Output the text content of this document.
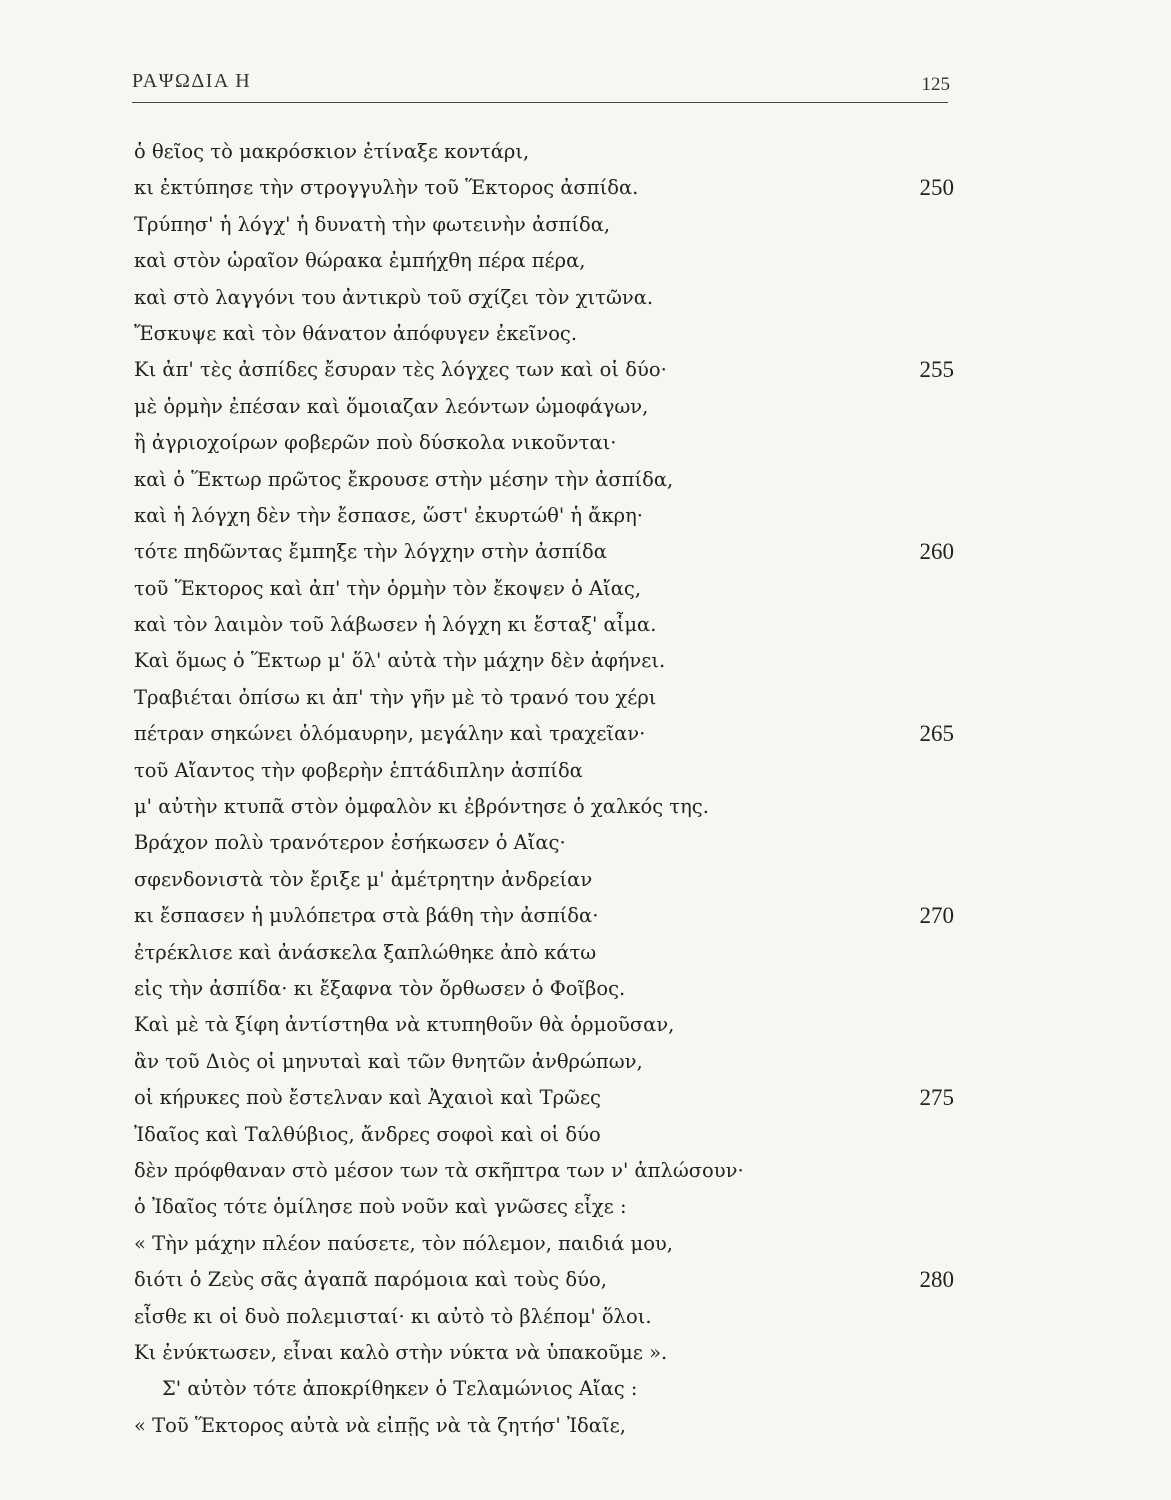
ΡΑΨΩΔΙΑ Η	125
ὁ θεῖος τὸ μακρόσκιον ἐτίναξε κοντάρι,
κι ἐκτύπησε τὴν στρογγυλὴν τοῦ Ἕκτορος ἀσπίδα.	250
Τρύπησ' ἡ λόγχ' ἡ δυνατὴ τὴν φωτεινὴν ἀσπίδα,
καὶ στὸν ὡραῖον θώρακα ἐμπήχθη πέρα πέρα,
καὶ στὸ λαγγόνι του ἀντικρὺ τοῦ σχίζει τὸν χιτῶνα.
Ἔσκυψε καὶ τὸν θάνατον ἀπόφυγεν ἐκεῖνος.
Κι ἀπ' τὲς ἀσπίδες ἔσυραν τὲς λόγχες των καὶ οἱ δύο·	255
μὲ ὁρμὴν ἐπέσαν καὶ ὅμοιαζαν λεόντων ὠμοφάγων,
ἢ ἀγριοχοίρων φοβερῶν ποὺ δύσκολα νικοῦνται·
καὶ ὁ Ἕκτωρ πρῶτος ἔκρουσε στὴν μέσην τὴν ἀσπίδα,
καὶ ἡ λόγχη δὲν τὴν ἔσπασε, ὥστ' ἐκυρτώθ' ἡ ἄκρη·
τότε πηδῶντας ἔμπηξε τὴν λόγχην στὴν ἀσπίδα	260
τοῦ Ἕκτορος καὶ ἀπ' τὴν ὁρμὴν τὸν ἔκοψεν ὁ Αἴας,
καὶ τὸν λαιμὸν τοῦ λάβωσεν ἡ λόγχη κι ἔσταξ' αἷμα.
Καὶ ὅμως ὁ Ἕκτωρ μ' ὅλ' αὐτὰ τὴν μάχην δὲν ἀφήνει.
Τραβιέται ὀπίσω κι ἀπ' τὴν γῆν μὲ τὸ τρανό του χέρι
πέτραν σηκώνει ὁλόμαυρην, μεγάλην καὶ τραχεῖαν·	265
τοῦ Αἴαντος τὴν φοβερὴν ἑπτάδιπλην ἀσπίδα
μ' αὐτὴν κτυπᾶ στὸν ὀμφαλὸν κι ἐβρόντησε ὁ χαλκός της.
Βράχον πολὺ τρανότερον ἐσήκωσεν ὁ Αἴας·
σφενδονιστὰ τὸν ἔριξε μ' ἀμέτρητην ἀνδρείαν
κι ἔσπασεν ἡ μυλόπετρα στὰ βάθη τὴν ἀσπίδα·	270
ἐτρέκλισε καὶ ἀνάσκελα ξαπλώθηκε ἀπὸ κάτω
εἰς τὴν ἀσπίδα· κι ἔξαφνα τὸν ὄρθωσεν ὁ Φοῖβος.
Καὶ μὲ τὰ ξίφη ἀντίστηθα νὰ κτυπηθοῦν θὰ ὁρμοῦσαν,
ἂν τοῦ Διὸς οἱ μηνυταὶ καὶ τῶν θνητῶν ἀνθρώπων,
οἱ κήρυκες ποὺ ἔστελναν καὶ Ἀχαιοὶ καὶ Τρῶες	275
Ἰδαῖος καὶ Ταλθύβιος, ἄνδρες σοφοὶ καὶ οἱ δύο
δὲν πρόφθαναν στὸ μέσον των τὰ σκῆπτρα των ν' ἁπλώσουν·
ὁ Ἰδαῖος τότε ὁμίλησε ποὺ νοῦν καὶ γνῶσες εἶχε :
« Τὴν μάχην πλέον παύσετε, τὸν πόλεμον, παιδιά μου,
διότι ὁ Ζεὺς σᾶς ἀγαπᾶ παρόμοια καὶ τοὺς δύο,	280
εἶσθε κι οἱ δυὸ πολεμισταί· κι αὐτὸ τὸ βλέπομ' ὅλοι.
Κι ἐνύκτωσεν, εἶναι καλὸ στὴν νύκτα νὰ ὑπακοῦμε ».
Σ' αὐτὸν τότε ἀποκρίθηκεν ὁ Τελαμώνιος Αἴας :
« Τοῦ Ἕκτορος αὐτὰ νὰ εἰπῇς νὰ τὰ ζητήσ' Ἰδαῖε,
